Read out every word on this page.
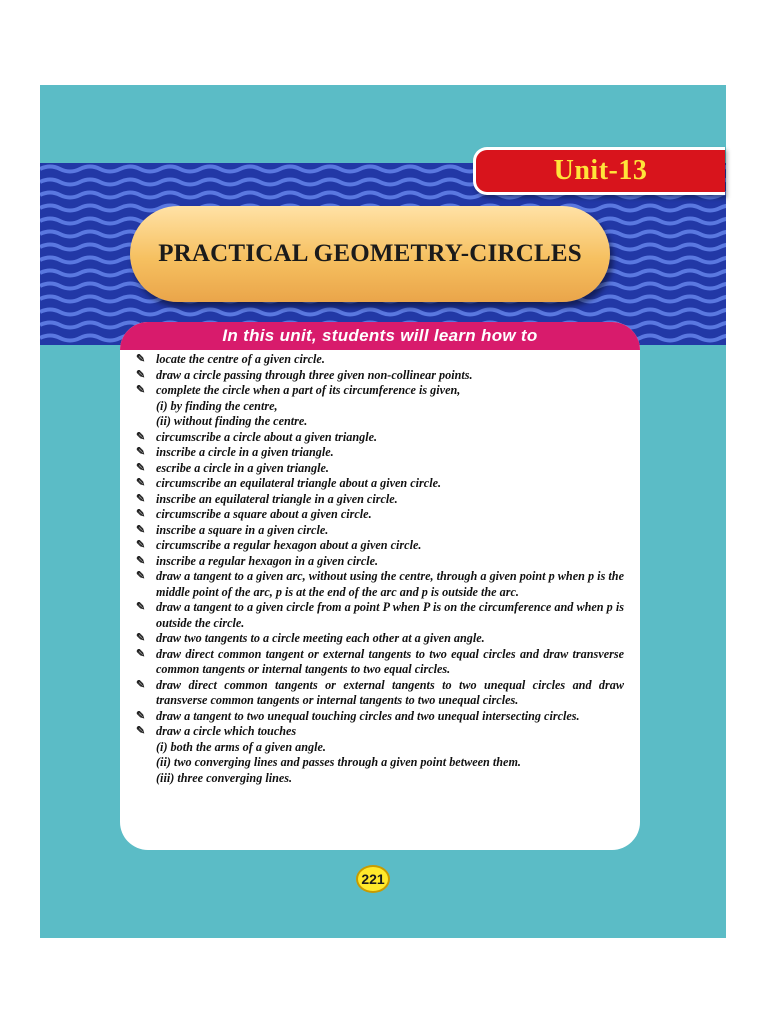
Unit-13
PRACTICAL GEOMETRY-CIRCLES
In this unit, students will learn how to
✎ locate the centre of a given circle.
✎ draw a circle passing through three given non-collinear points.
✎ complete the circle when a part of its circumference is given,
(i) by finding the centre,
(ii) without finding the centre.
✎ circumscribe a circle about a given triangle.
✎ inscribe a circle in a given triangle.
✎ escribe a circle in a given triangle.
✎ circumscribe an equilateral triangle about a given circle.
✎ inscribe an equilateral triangle in a given circle.
✎ circumscribe a square about a given circle.
✎ inscribe a square in a given circle.
✎ circumscribe a regular hexagon about a given circle.
✎ inscribe a regular hexagon in a given circle.
✎ draw a tangent to a given arc, without using the centre, through a given point p when p is the middle point of the arc, p is at the end of the arc and p is outside the arc.
✎ draw a tangent to a given circle from a point P when P is on the circumference and when p is outside the circle.
✎ draw two tangents to a circle meeting each other at a given angle.
✎ draw direct common tangent or external tangents to two equal circles and draw transverse common tangents or internal tangents to two equal circles.
✎ draw direct common tangents or external tangents to two unequal circles and draw transverse common tangents or internal tangents to two unequal circles.
✎ draw a tangent to two unequal touching circles and two unequal intersecting circles.
✎ draw a circle which touches
(i) both the arms of a given angle.
(ii) two converging lines and passes through a given point between them.
(iii) three converging lines.
221
